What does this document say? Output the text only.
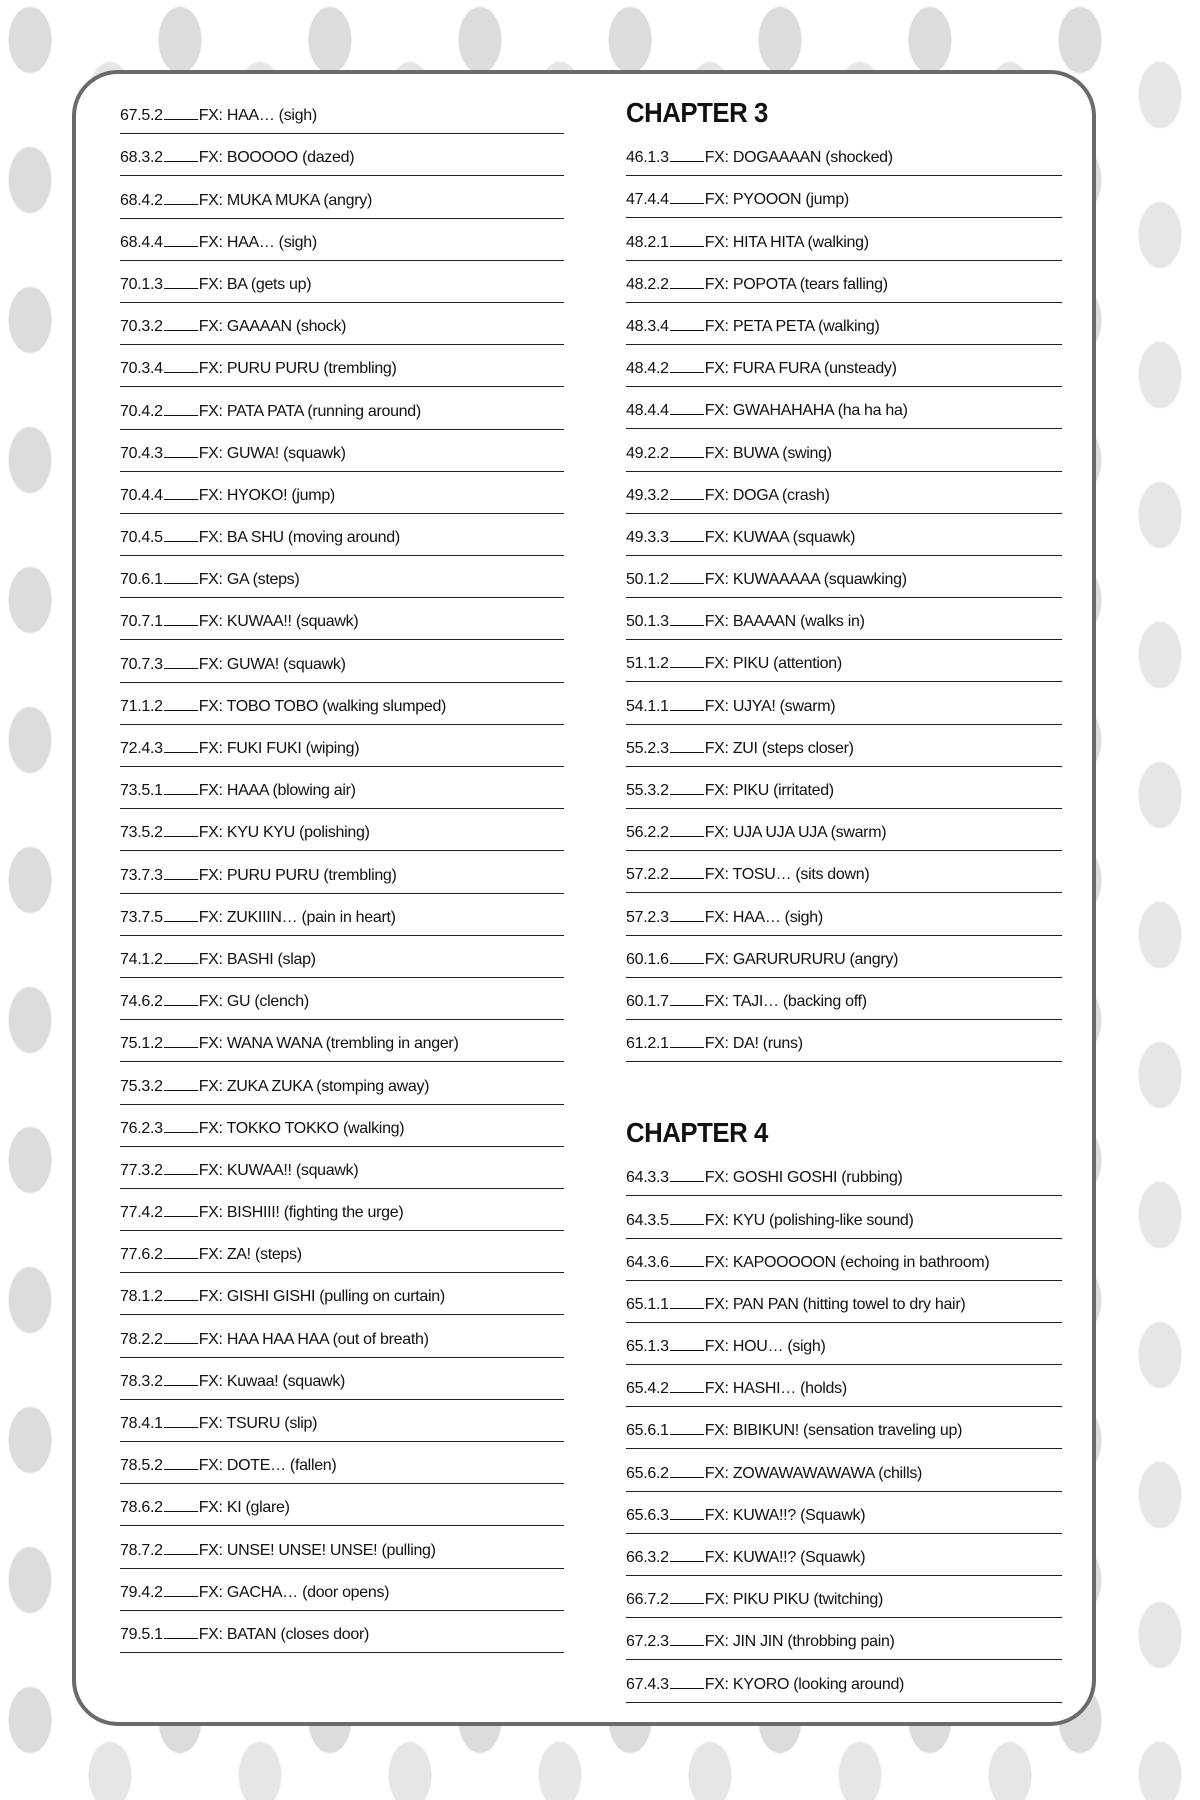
67.5.2 FX: HAA… (sigh)
68.3.2 FX: BOOOOO (dazed)
68.4.2 FX: MUKA MUKA (angry)
68.4.4 FX: HAA… (sigh)
70.1.3 FX: BA (gets up)
70.3.2 FX: GAAAAN (shock)
70.3.4 FX: PURU PURU (trembling)
70.4.2 FX: PATA PATA (running around)
70.4.3 FX: GUWA! (squawk)
70.4.4 FX: HYOKO! (jump)
70.4.5 FX: BA SHU (moving around)
70.6.1 FX: GA (steps)
70.7.1 FX: KUWAA!! (squawk)
70.7.3 FX: GUWA! (squawk)
71.1.2 FX: TOBO TOBO (walking slumped)
72.4.3 FX: FUKI FUKI (wiping)
73.5.1 FX: HAAA (blowing air)
73.5.2 FX: KYU KYU (polishing)
73.7.3 FX: PURU PURU (trembling)
73.7.5 FX: ZUKIIIN… (pain in heart)
74.1.2 FX: BASHI (slap)
74.6.2 FX: GU (clench)
75.1.2 FX: WANA WANA (trembling in anger)
75.3.2 FX: ZUKA ZUKA (stomping away)
76.2.3 FX: TOKKO TOKKO (walking)
77.3.2 FX: KUWAA!! (squawk)
77.4.2 FX: BISHIII! (fighting the urge)
77.6.2 FX: ZA! (steps)
78.1.2 FX: GISHI GISHI (pulling on curtain)
78.2.2 FX: HAA HAA HAA (out of breath)
78.3.2 FX: Kuwaa! (squawk)
78.4.1 FX: TSURU (slip)
78.5.2 FX: DOTE… (fallen)
78.6.2 FX: KI (glare)
78.7.2 FX: UNSE! UNSE! UNSE! (pulling)
79.4.2 FX: GACHA… (door opens)
79.5.1 FX: BATAN (closes door)
CHAPTER 3
46.1.3 FX: DOGAAAAN (shocked)
47.4.4 FX: PYOOON (jump)
48.2.1 FX: HITA HITA (walking)
48.2.2 FX: POPOTA (tears falling)
48.3.4 FX: PETA PETA (walking)
48.4.2 FX: FURA FURA (unsteady)
48.4.4 FX: GWAHAHAHA (ha ha ha)
49.2.2 FX: BUWA (swing)
49.3.2 FX: DOGA (crash)
49.3.3 FX: KUWAA (squawk)
50.1.2 FX: KUWAAAAA (squawking)
50.1.3 FX: BAAAAN (walks in)
51.1.2 FX: PIKU (attention)
54.1.1 FX: UJYA! (swarm)
55.2.3 FX: ZUI (steps closer)
55.3.2 FX: PIKU (irritated)
56.2.2 FX: UJA UJA UJA (swarm)
57.2.2 FX: TOSU… (sits down)
57.2.3 FX: HAA… (sigh)
60.1.6 FX: GARURURURU (angry)
60.1.7 FX: TAJI… (backing off)
61.2.1 FX: DA! (runs)
CHAPTER 4
64.3.3 FX: GOSHI GOSHI (rubbing)
64.3.5 FX: KYU (polishing-like sound)
64.3.6 FX: KAPOOOOON (echoing in bathroom)
65.1.1 FX: PAN PAN (hitting towel to dry hair)
65.1.3 FX: HOU… (sigh)
65.4.2 FX: HASHI… (holds)
65.6.1 FX: BIBIKUN! (sensation traveling up)
65.6.2 FX: ZOWAWAWAWAWA (chills)
65.6.3 FX: KUWA!!? (Squawk)
66.3.2 FX: KUWA!!? (Squawk)
66.7.2 FX: PIKU PIKU (twitching)
67.2.3 FX: JIN JIN (throbbing pain)
67.4.3 FX: KYORO (looking around)
